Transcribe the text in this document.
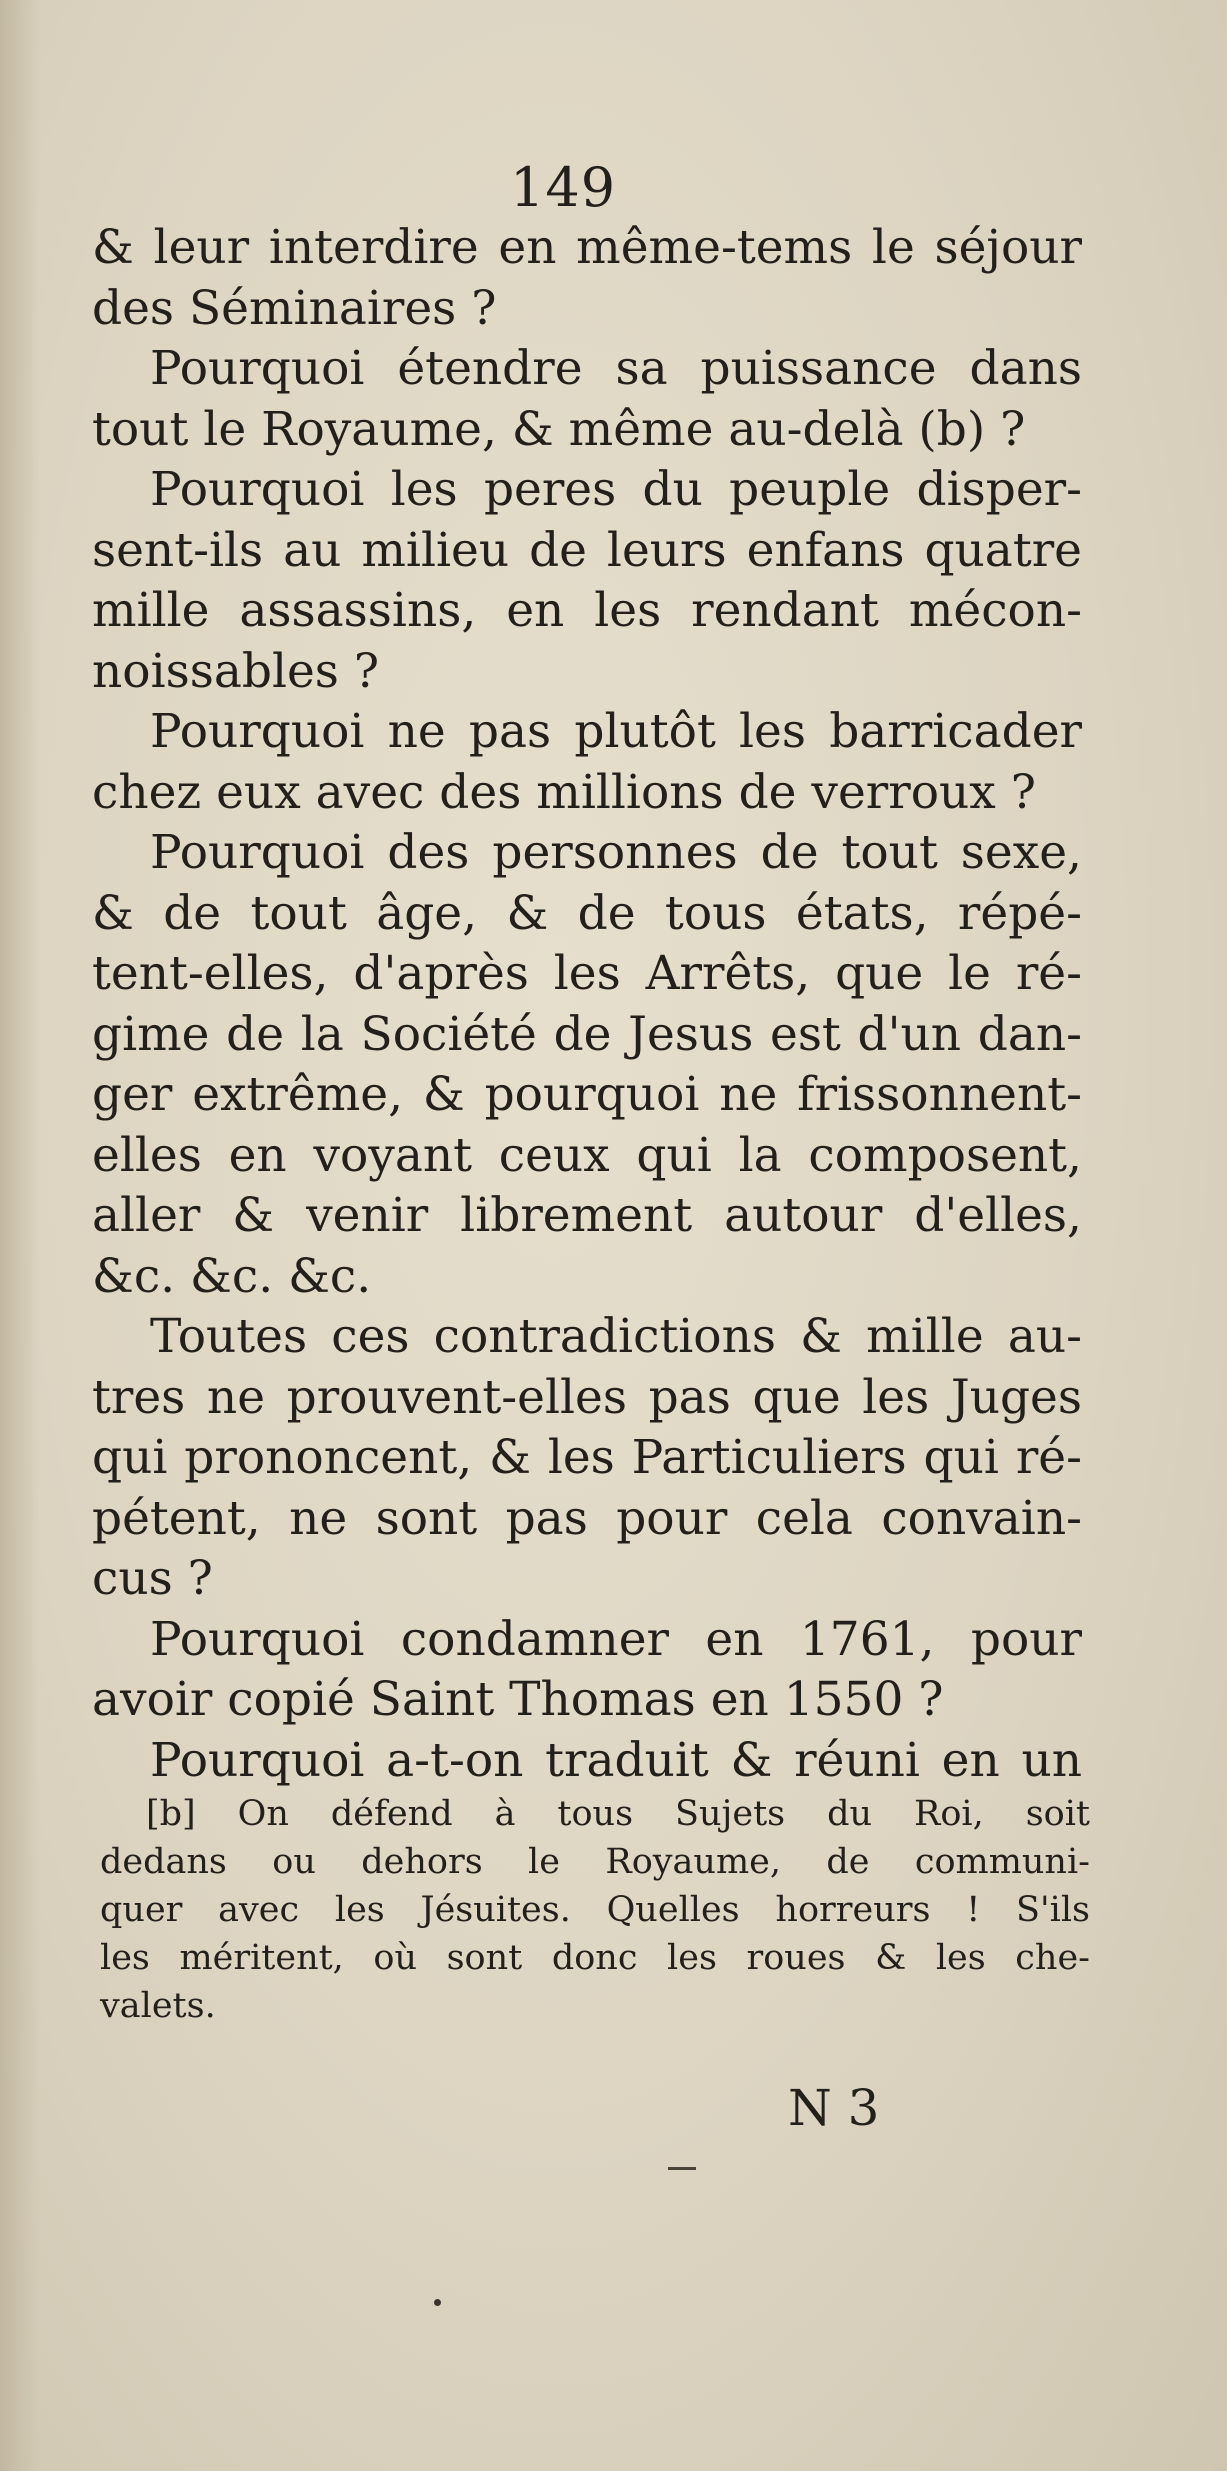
149
& leur interdire en même-tems le séjour
des Séminaires ?
Pourquoi étendre sa puissance dans
tout le Royaume, & même au-delà (b) ?
Pourquoi les peres du peuple disper-
sent-ils au milieu de leurs enfans quatre
mille assassins, en les rendant mécon-
noissables ?
Pourquoi ne pas plutôt les barricader
chez eux avec des millions de verroux ?
Pourquoi des personnes de tout sexe,
& de tout âge, & de tous états, répé-
tent-elles, d'après les Arrêts, que le ré-
gime de la Société de Jesus est d'un dan-
ger extrême, & pourquoi ne frissonnent-
elles en voyant ceux qui la composent,
aller & venir librement autour d'elles,
&c. &c. &c.
Toutes ces contradictions & mille au-
tres ne prouvent-elles pas que les Juges
qui prononcent, & les Particuliers qui ré-
pétent, ne sont pas pour cela convain-
cus ?
Pourquoi condamner en 1761, pour
avoir copié Saint Thomas en 1550 ?
Pourquoi a-t-on traduit & réuni en un
[b] On défend à tous Sujets du Roi, soit
dedans ou dehors le Royaume, de communi-
quer avec les Jésuites. Quelles horreurs ! S'ils
les méritent, où sont donc les roues & les che-
valets.
N 3
